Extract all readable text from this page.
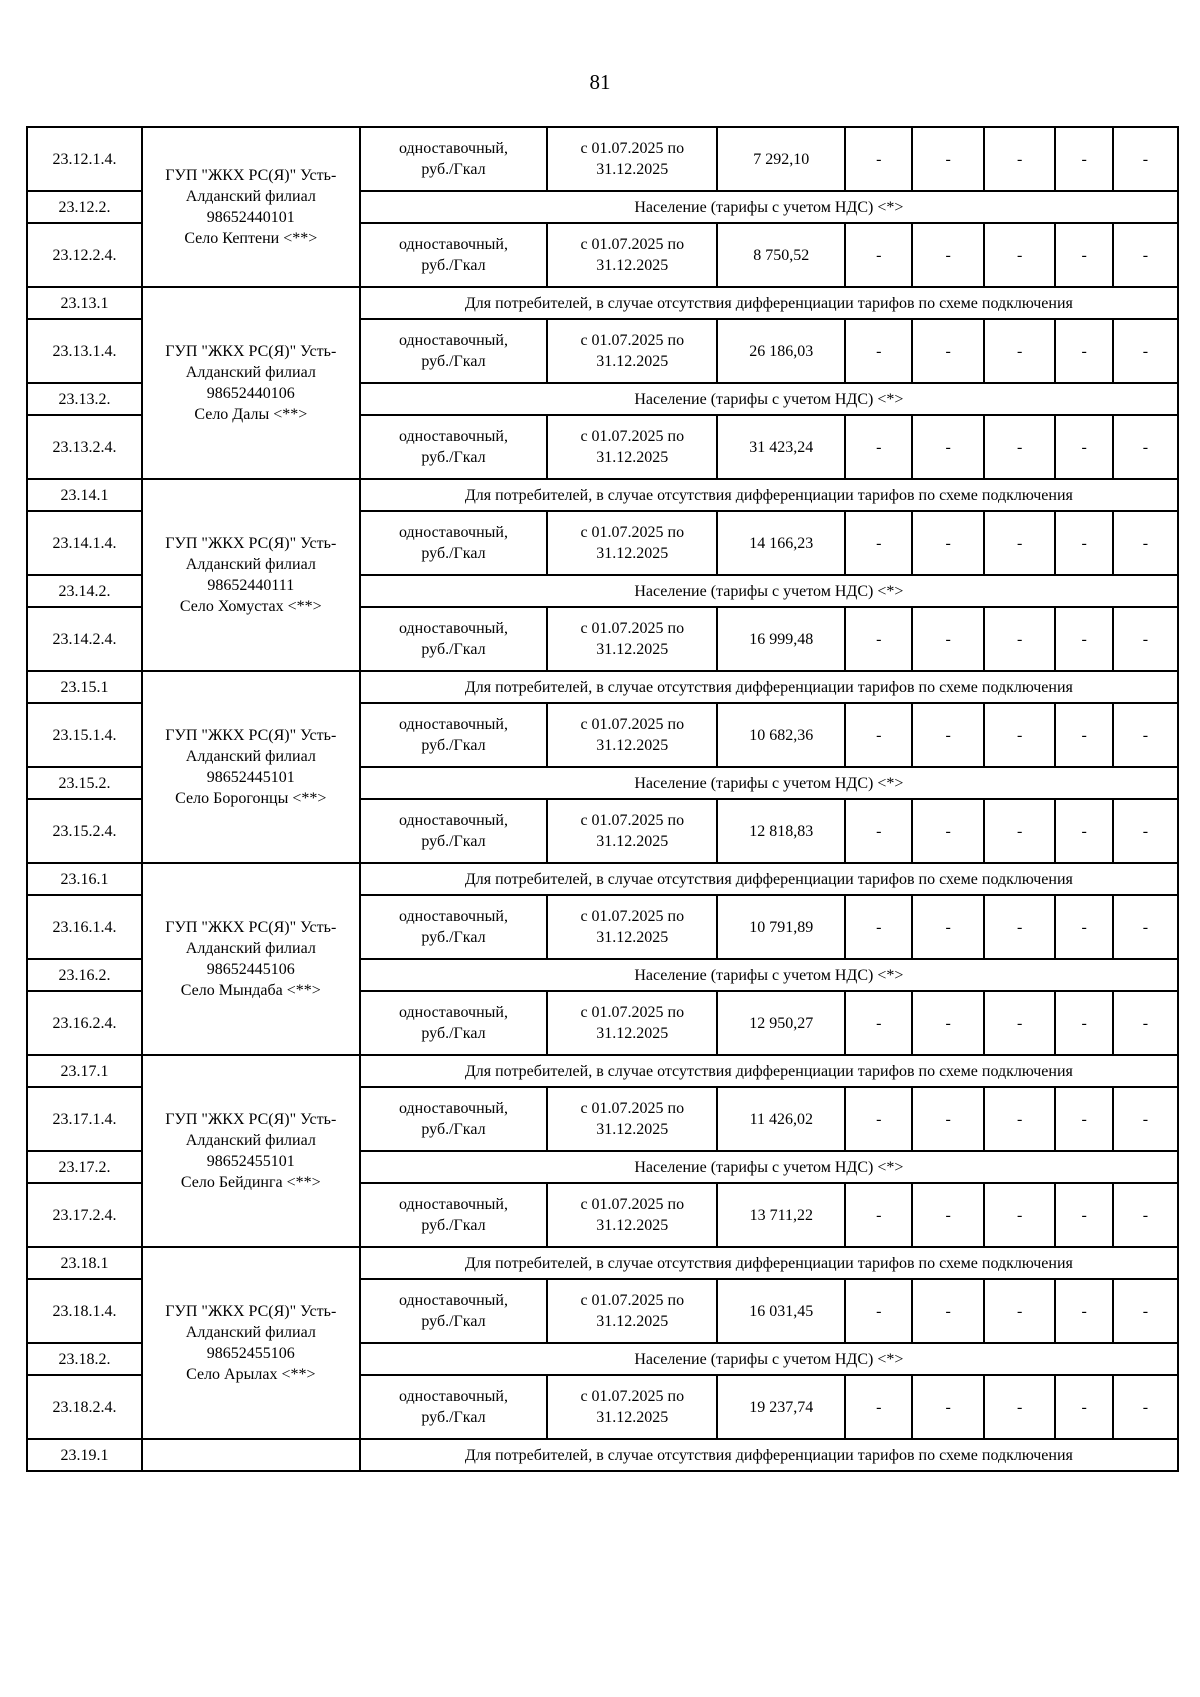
81
23.12.1.4.	ГУП "ЖКХ РС(Я)" Усть-
Алданский филиал
98652440101
Село Кептени <**>	одноставочный,
руб./Гкал	с 01.07.2025 по
31.12.2025	7 292,10	-	-	-	-	-
23.12.2.		Население (тарифы с учетом НДС) <*>							
23.12.2.4.		одноставочный,
руб./Гкал	с 01.07.2025 по
31.12.2025	8 750,52	-	-	-	-	-
23.13.1	ГУП "ЖКХ РС(Я)" Усть-
Алданский филиал
98652440106
Село Далы <**>	Для потребителей, в случае отсутствия дифференциации тарифов по схеме подключения							
23.13.1.4.		одноставочный,
руб./Гкал	с 01.07.2025 по
31.12.2025	26 186,03	-	-	-	-	-
23.13.2.		Население (тарифы с учетом НДС) <*>							
23.13.2.4.		одноставочный,
руб./Гкал	с 01.07.2025 по
31.12.2025	31 423,24	-	-	-	-	-
23.14.1	ГУП "ЖКХ РС(Я)" Усть-
Алданский филиал
98652440111
Село Хомустах <**>	Для потребителей, в случае отсутствия дифференциации тарифов по схеме подключения							
23.14.1.4.		одноставочный,
руб./Гкал	с 01.07.2025 по
31.12.2025	14 166,23	-	-	-	-	-
23.14.2.		Население (тарифы с учетом НДС) <*>							
23.14.2.4.		одноставочный,
руб./Гкал	с 01.07.2025 по
31.12.2025	16 999,48	-	-	-	-	-
23.15.1	ГУП "ЖКХ РС(Я)" Усть-
Алданский филиал
98652445101
Село Борогонцы <**>	Для потребителей, в случае отсутствия дифференциации тарифов по схеме подключения							
23.15.1.4.		одноставочный,
руб./Гкал	с 01.07.2025 по
31.12.2025	10 682,36	-	-	-	-	-
23.15.2.		Население (тарифы с учетом НДС) <*>							
23.15.2.4.		одноставочный,
руб./Гкал	с 01.07.2025 по
31.12.2025	12 818,83	-	-	-	-	-
23.16.1	ГУП "ЖКХ РС(Я)" Усть-
Алданский филиал
98652445106
Село Мындаба <**>	Для потребителей, в случае отсутствия дифференциации тарифов по схеме подключения							
23.16.1.4.		одноставочный,
руб./Гкал	с 01.07.2025 по
31.12.2025	10 791,89	-	-	-	-	-
23.16.2.		Население (тарифы с учетом НДС) <*>							
23.16.2.4.		одноставочный,
руб./Гкал	с 01.07.2025 по
31.12.2025	12 950,27	-	-	-	-	-
23.17.1	ГУП "ЖКХ РС(Я)" Усть-
Алданский филиал
98652455101
Село Бейдинга <**>	Для потребителей, в случае отсутствия дифференциации тарифов по схеме подключения							
23.17.1.4.		одноставочный,
руб./Гкал	с 01.07.2025 по
31.12.2025	11 426,02	-	-	-	-	-
23.17.2.		Население (тарифы с учетом НДС) <*>							
23.17.2.4.		одноставочный,
руб./Гкал	с 01.07.2025 по
31.12.2025	13 711,22	-	-	-	-	-
23.18.1	ГУП "ЖКХ РС(Я)" Усть-
Алданский филиал
98652455106
Село Арылах <**>	Для потребителей, в случае отсутствия дифференциации тарифов по схеме подключения							
23.18.1.4.		одноставочный,
руб./Гкал	с 01.07.2025 по
31.12.2025	16 031,45	-	-	-	-	-
23.18.2.		Население (тарифы с учетом НДС) <*>							
23.18.2.4.		одноставочный,
руб./Гкал	с 01.07.2025 по
31.12.2025	19 237,74	-	-	-	-	-
23.19.1		Для потребителей, в случае отсутствия дифференциации тарифов по схеме подключения							
